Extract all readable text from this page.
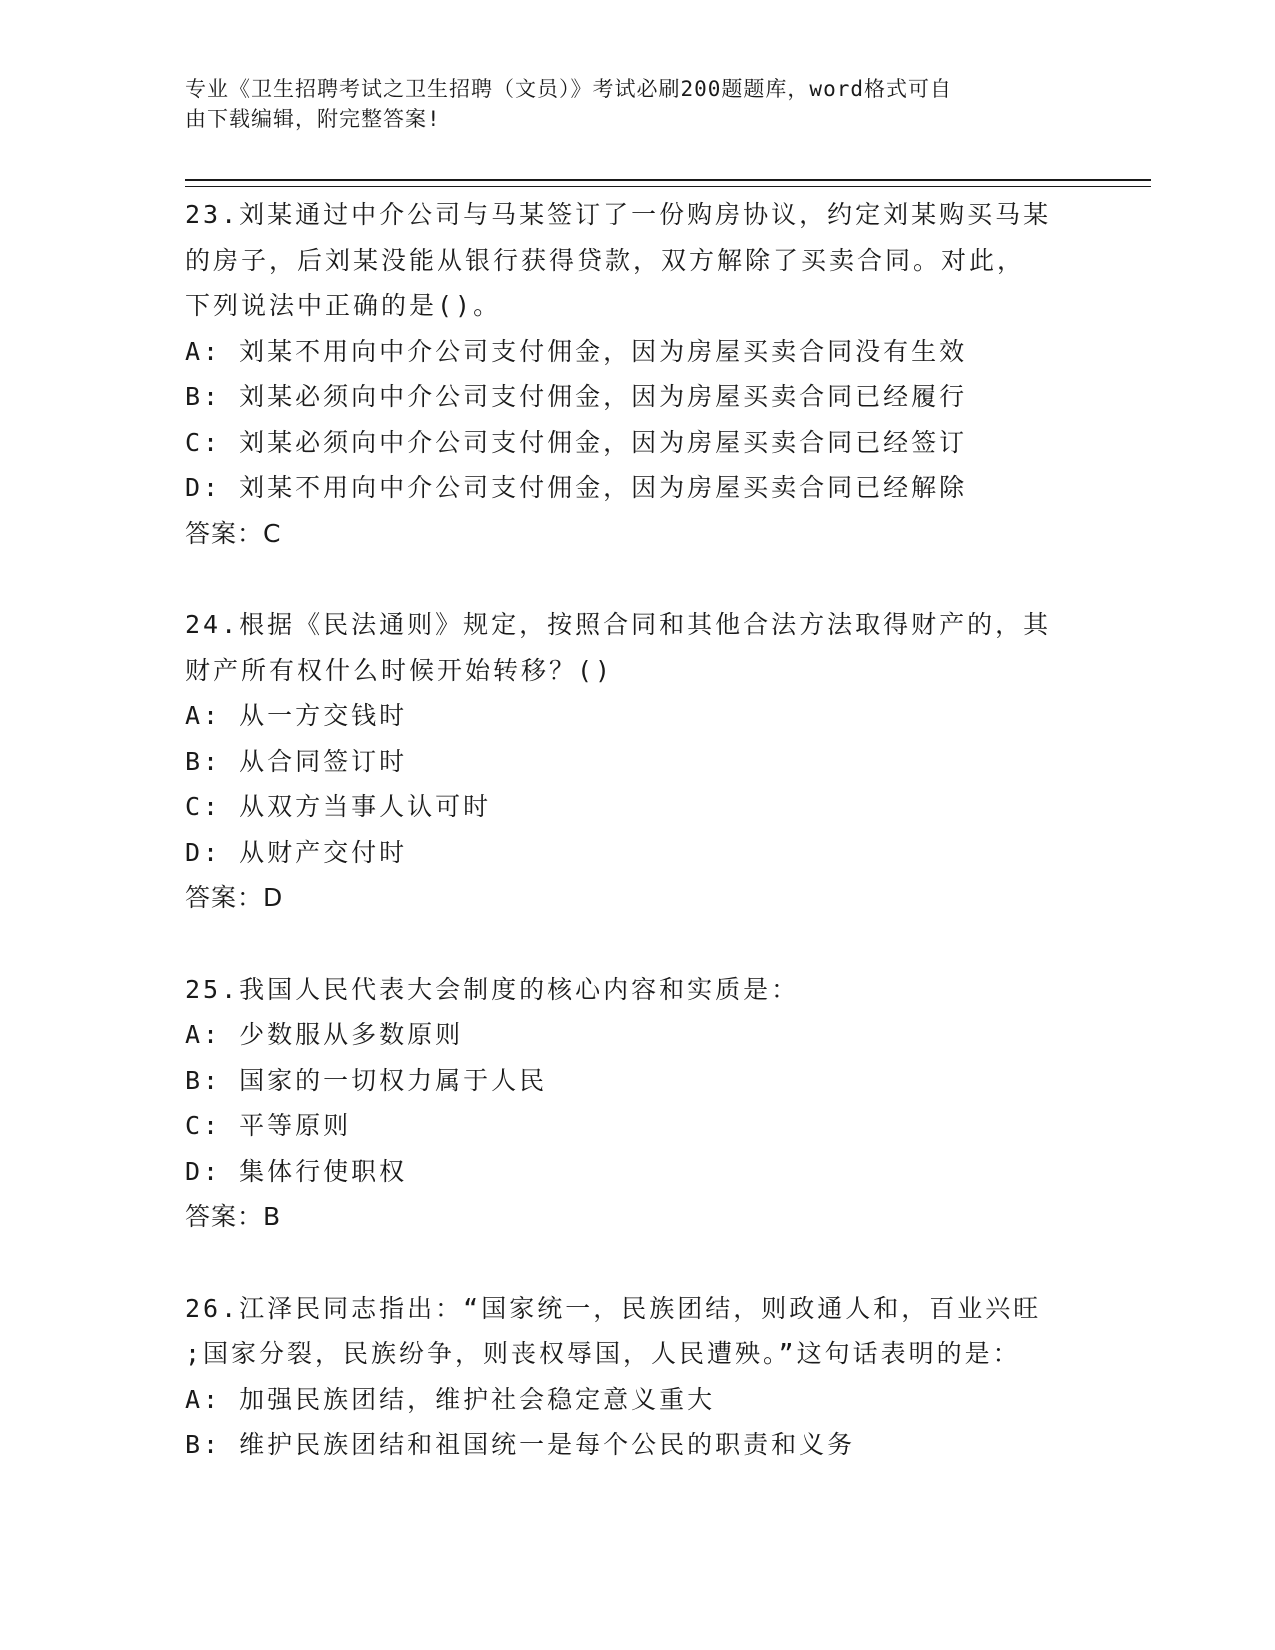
专业《卫生招聘考试之卫生招聘（文员）》考试必刷200题题库，word格式可自
由下载编辑，附完整答案!
23.刘某通过中介公司与马某签订了一份购房协议，约定刘某购买马某
的房子，后刘某没能从银行获得贷款，双方解除了买卖合同。对此，
下列说法中正确的是()。
A: 刘某不用向中介公司支付佣金，因为房屋买卖合同没有生效
B: 刘某必须向中介公司支付佣金，因为房屋买卖合同已经履行
C: 刘某必须向中介公司支付佣金，因为房屋买卖合同已经签订
D: 刘某不用向中介公司支付佣金，因为房屋买卖合同已经解除
答案：C
24.根据《民法通则》规定，按照合同和其他合法方法取得财产的，其
财产所有权什么时候开始转移？()
A: 从一方交钱时
B: 从合同签订时
C: 从双方当事人认可时
D: 从财产交付时
答案：D
25.我国人民代表大会制度的核心内容和实质是：
A: 少数服从多数原则
B: 国家的一切权力属于人民
C: 平等原则
D: 集体行使职权
答案：B
26.江泽民同志指出：“国家统一，民族团结，则政通人和，百业兴旺
;国家分裂，民族纷争，则丧权辱国，人民遭殃。”这句话表明的是：
A: 加强民族团结，维护社会稳定意义重大
B: 维护民族团结和祖国统一是每个公民的职责和义务
